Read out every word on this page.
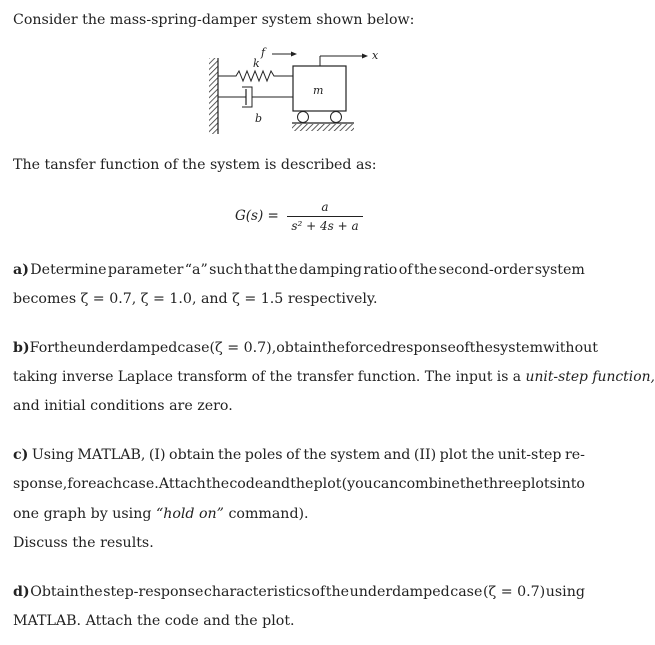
Consider the mass-spring-damper system shown below:
f
k
m
b
x
The tansfer function of the system is described as:
G(s) =
a
s² + 4s + a
a) Determine parameter “a” such that the damping ratio of the second-order system
becomes ζ = 0.7, ζ = 1.0, and ζ = 1.5 respectively.
b) For the underdamped case (ζ = 0.7), obtain the forced response of the system without
taking inverse Laplace transform of the transfer function. The input is a unit-step function,
and initial conditions are zero.
c) Using MATLAB, (I) obtain the poles of the system and (II) plot the unit-step re-
sponse, for each case. Attach the code and the plot (you can combine the three plots into
one graph by using “hold on” command).
Discuss the results.
d) Obtain the step-response characteristics of the underdamped case (ζ = 0.7) using
MATLAB. Attach the code and the plot.
